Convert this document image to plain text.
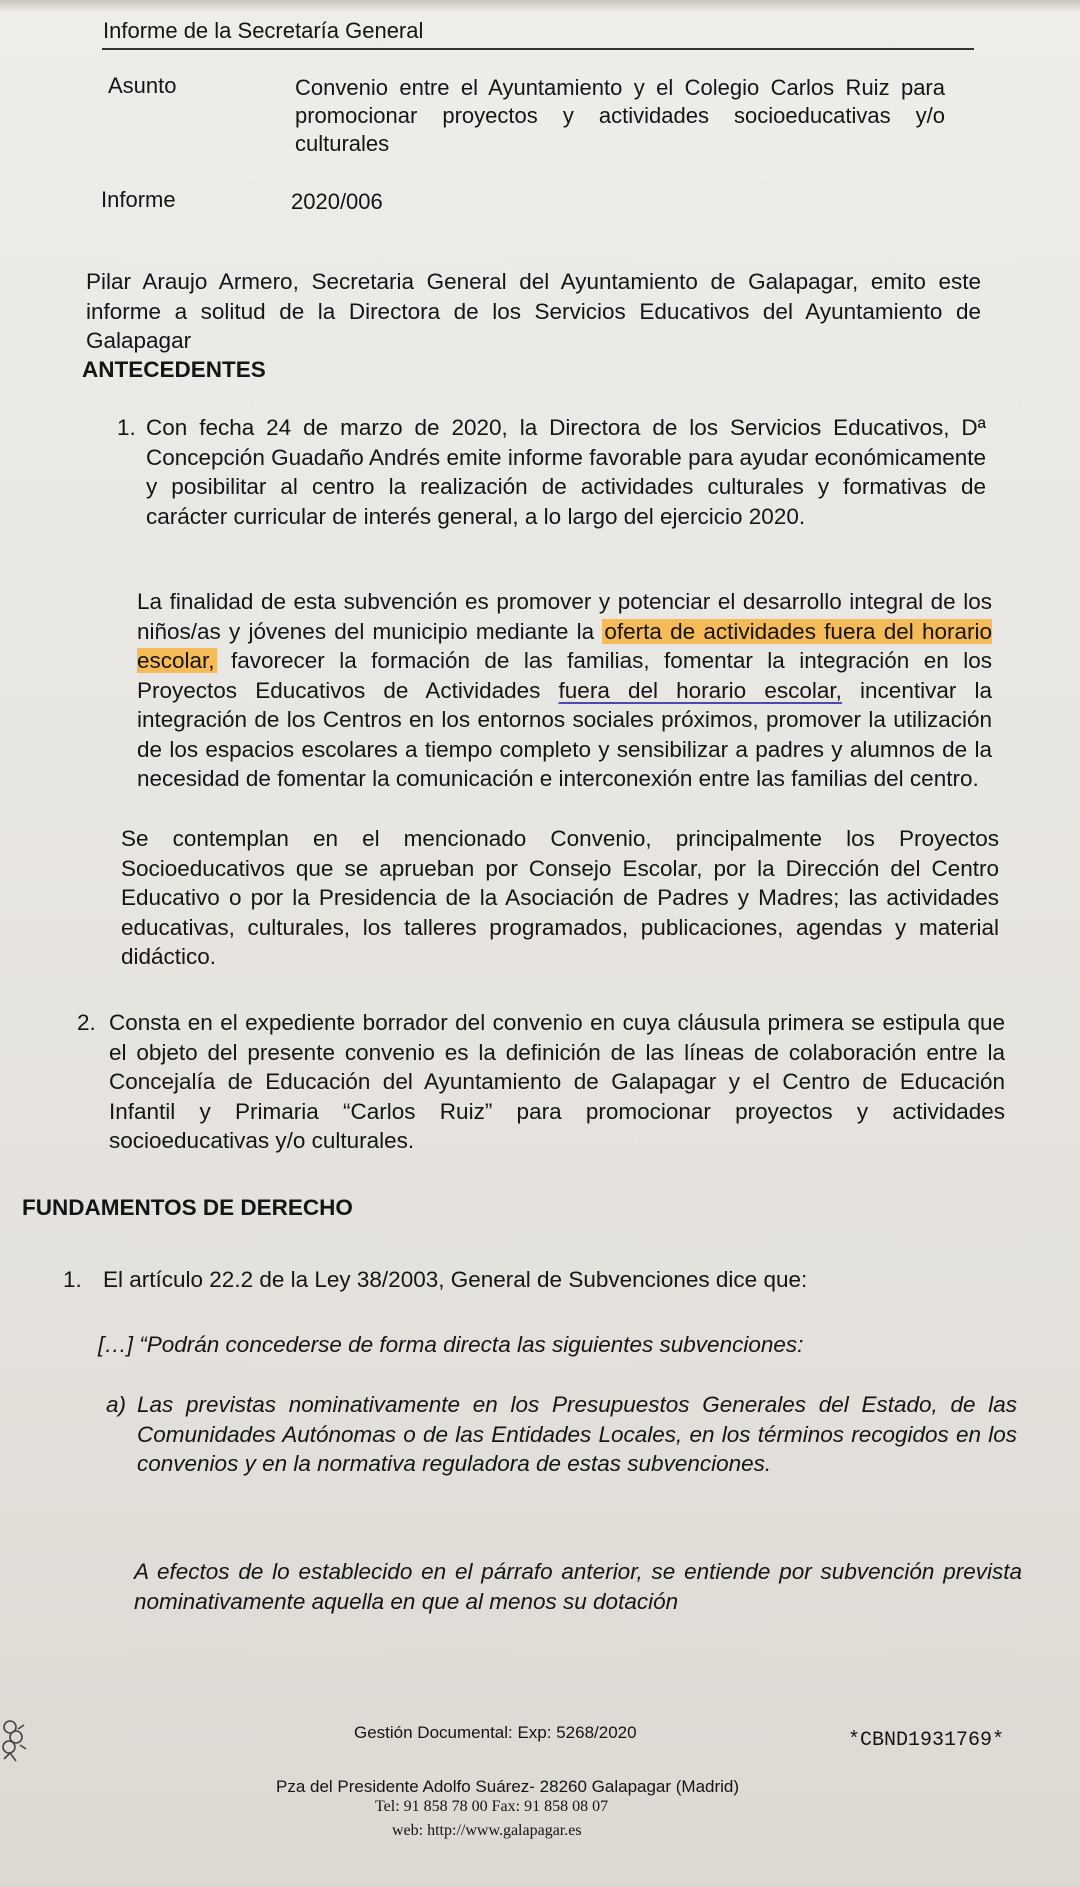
Informe de la Secretaría General
Asunto	Convenio entre el Ayuntamiento y el Colegio Carlos Ruiz para promocionar proyectos y actividades socioeducativas y/o culturales
Informe	2020/006
Pilar Araujo Armero, Secretaria General del Ayuntamiento de Galapagar, emito este informe a solitud de la Directora de los Servicios Educativos del Ayuntamiento de Galapagar
ANTECEDENTES
1. Con fecha 24 de marzo de 2020, la Directora de los Servicios Educativos, Dª Concepción Guadaño Andrés emite informe favorable para ayudar económicamente y posibilitar al centro la realización de actividades culturales y formativas de carácter curricular de interés general, a lo largo del ejercicio 2020.
La finalidad de esta subvención es promover y potenciar el desarrollo integral de los niños/as y jóvenes del municipio mediante la oferta de actividades fuera del horario escolar, favorecer la formación de las familias, fomentar la integración en los Proyectos Educativos de Actividades fuera del horario escolar, incentivar la integración de los Centros en los entornos sociales próximos, promover la utilización de los espacios escolares a tiempo completo y sensibilizar a padres y alumnos de la necesidad de fomentar la comunicación e interconexión entre las familias del centro.
Se contemplan en el mencionado Convenio, principalmente los Proyectos Socioeducativos que se aprueban por Consejo Escolar, por la Dirección del Centro Educativo o por la Presidencia de la Asociación de Padres y Madres; las actividades educativas, culturales, los talleres programados, publicaciones, agendas y material didáctico.
2. Consta en el expediente borrador del convenio en cuya cláusula primera se estipula que el objeto del presente convenio es la definición de las líneas de colaboración entre la Concejalía de Educación del Ayuntamiento de Galapagar y el Centro de Educación Infantil y Primaria “Carlos Ruiz” para promocionar proyectos y actividades socioeducativas y/o culturales.
FUNDAMENTOS DE DERECHO
1. El artículo 22.2 de la Ley 38/2003, General de Subvenciones dice que:
[…] “Podrán concederse de forma directa las siguientes subvenciones:
a) Las previstas nominativamente en los Presupuestos Generales del Estado, de las Comunidades Autónomas o de las Entidades Locales, en los términos recogidos en los convenios y en la normativa reguladora de estas subvenciones.
A efectos de lo establecido en el párrafo anterior, se entiende por subvención prevista nominativamente aquella en que al menos su dotación
Gestión Documental: Exp: 5268/2020	*CBND1931769*
Pza del Presidente Adolfo Suárez- 28260 Galapagar (Madrid)
Tel: 91 858 78 00 Fax: 91 858 08 07
web: http://www.galapagar.es
